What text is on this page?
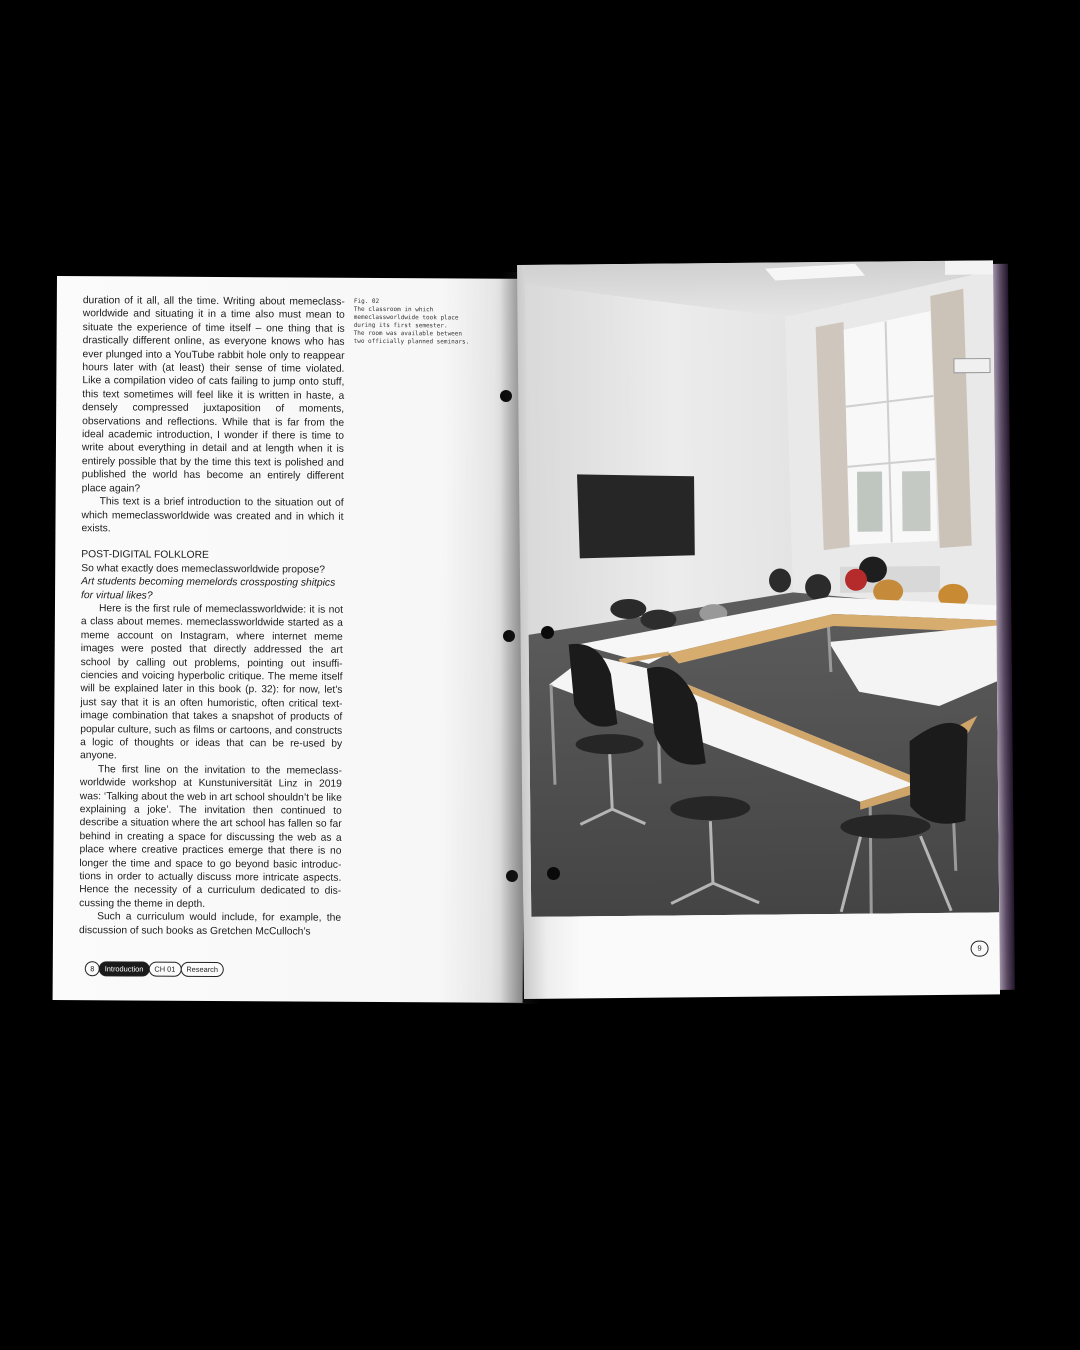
duration of it all, all the time. Writing about memeclassworldwide and situating it in a time also must mean to situate the experience of time itself – one thing that is drastically different online, as everyone knows who has ever plunged into a YouTube rabbit hole only to reappear hours later with (at least) their sense of time violated. Like a compilation video of cats failing to jump onto stuff, this text sometimes will feel like it is written in haste, a densely compressed juxtaposition of moments, observations and reflections. While that is far from the ideal academic introduction, I wonder if there is time to write about everything in detail and at length when it is entirely possible that by the time this text is polished and published the world has become an entirely different place again?

This text is a brief introduction to the situation out of which memeclassworldwide was created and in which it exists.

POST-DIGITAL FOLKLORE

So what exactly does memeclassworldwide propose?

Art students becoming memelords crossposting shitpics for virtual likes?

Here is the first rule of memeclassworldwide: it is not a class about memes. memeclassworldwide started as a meme account on Instagram, where internet meme images were posted that directly addressed the art school by calling out problems, pointing out insufficiencies and voicing hyperbolic critique. The meme itself will be explained later in this book (p. 32): for now, let’s just say that it is an often humoristic, often critical text-image combination that takes a snapshot of products of popular culture, such as films or cartoons, and constructs a logic of thoughts or ideas that can be re-used by anyone.

The first line on the invitation to the memeclassworldwide workshop at Kunstuniversität Linz in 2019 was: ‘Talking about the web in art school shouldn’t be like explaining a joke’. The invitation then continued to describe a situation where the art school has fallen so far behind in creating a space for discussing the web as a place where creative practices emerge that there is no longer the time and space to go beyond basic introductions in order to actually discuss more intricate aspects. Hence the necessity of a curriculum dedicated to discussing the theme in depth.

Such a curriculum would include, for example, the discussion of such books as Gretchen McCulloch’s

Fig. 02
The classroom in which
memeclassworldwide took place
during its first semester.
The room was available between
two officially planned seminars.
8	Introduction	CH 01	Research
9
